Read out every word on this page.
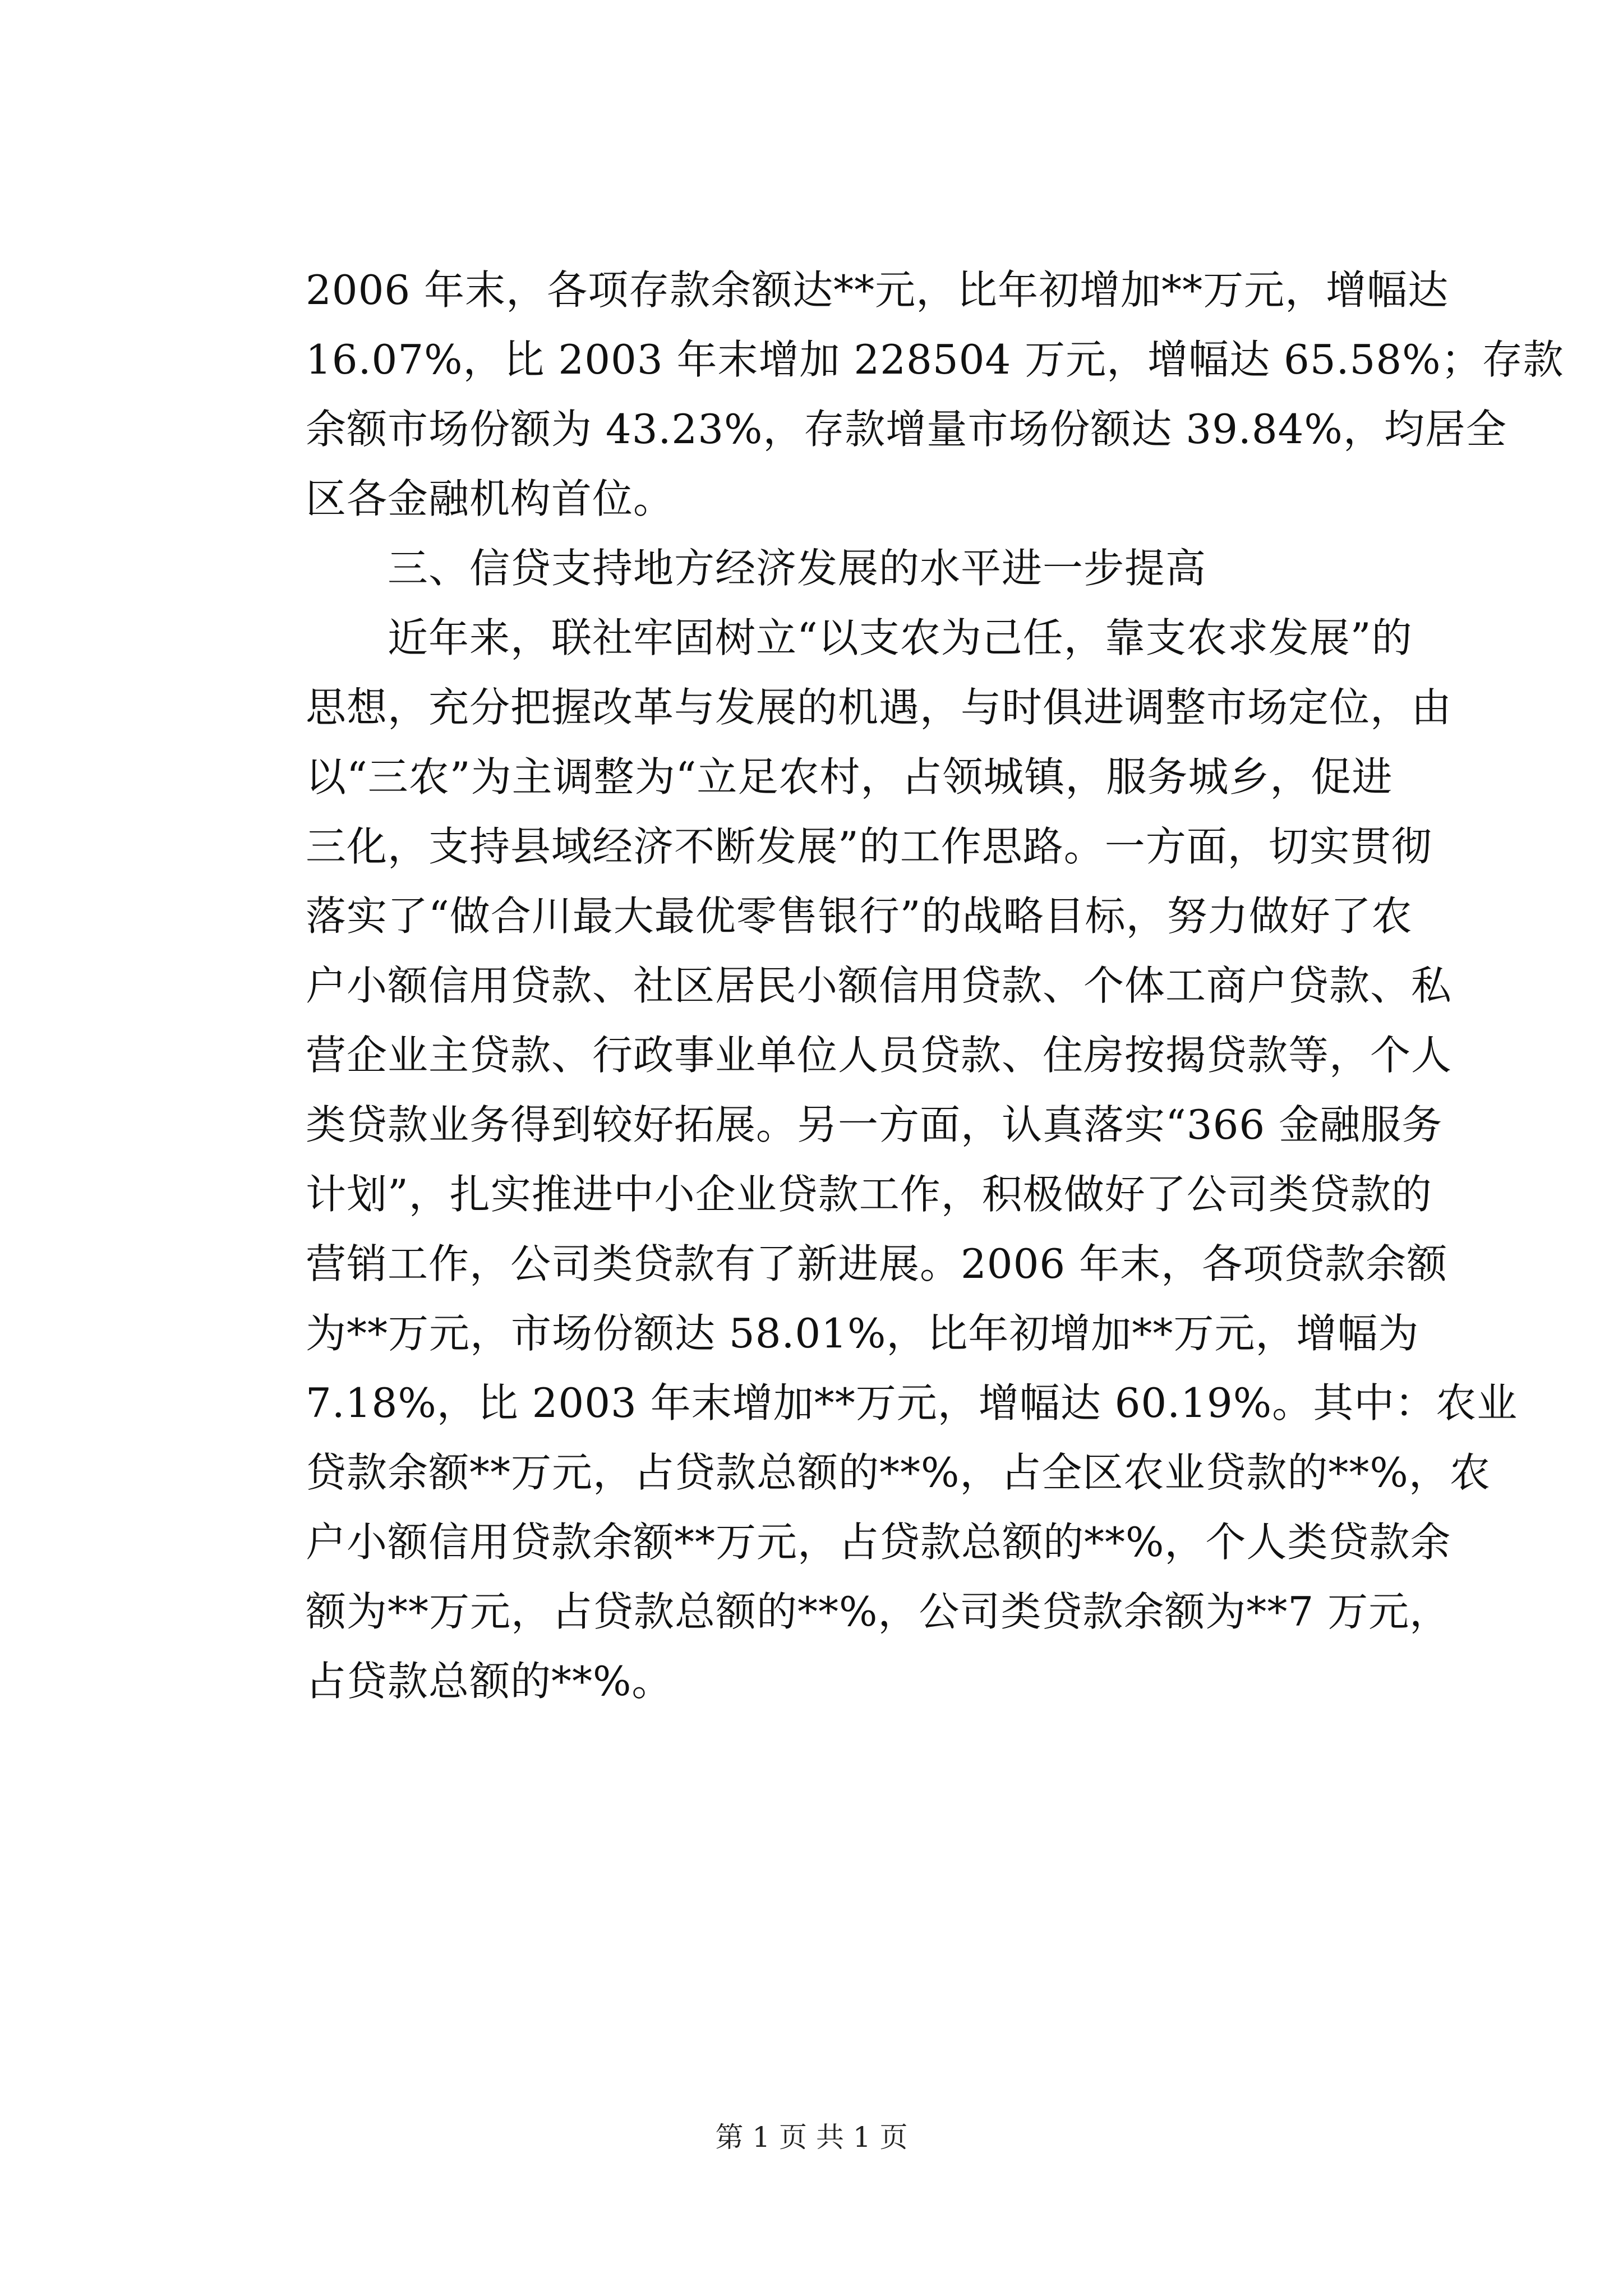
2006 年末，各项存款余额达**元，比年初增加**万元，增幅达
16.07%，比 2003 年末增加 228504 万元，增幅达 65.58%；存款
余额市场份额为 43.23%，存款增量市场份额达 39.84%，均居全
区各金融机构首位。
　　三、信贷支持地方经济发展的水平进一步提高
　　近年来，联社牢固树立“以支农为己任，靠支农求发展”的
思想，充分把握改革与发展的机遇，与时俱进调整市场定位，由
以“三农”为主调整为“立足农村，占领城镇，服务城乡，促进
三化，支持县域经济不断发展”的工作思路。一方面，切实贯彻
落实了“做合川最大最优零售银行”的战略目标，努力做好了农
户小额信用贷款、社区居民小额信用贷款、个体工商户贷款、私
营企业主贷款、行政事业单位人员贷款、住房按揭贷款等，个人
类贷款业务得到较好拓展。另一方面，认真落实“366 金融服务
计划”，扎实推进中小企业贷款工作，积极做好了公司类贷款的
营销工作，公司类贷款有了新进展。2006 年末，各项贷款余额
为**万元，市场份额达 58.01%，比年初增加**万元，增幅为
7.18%，比 2003 年末增加**万元，增幅达 60.19%。其中：农业
贷款余额**万元，占贷款总额的**%，占全区农业贷款的**%，农
户小额信用贷款余额**万元，占贷款总额的**%，个人类贷款余
额为**万元，占贷款总额的**%，公司类贷款余额为**7 万元，
占贷款总额的**%。
第 1 页 共 1 页
